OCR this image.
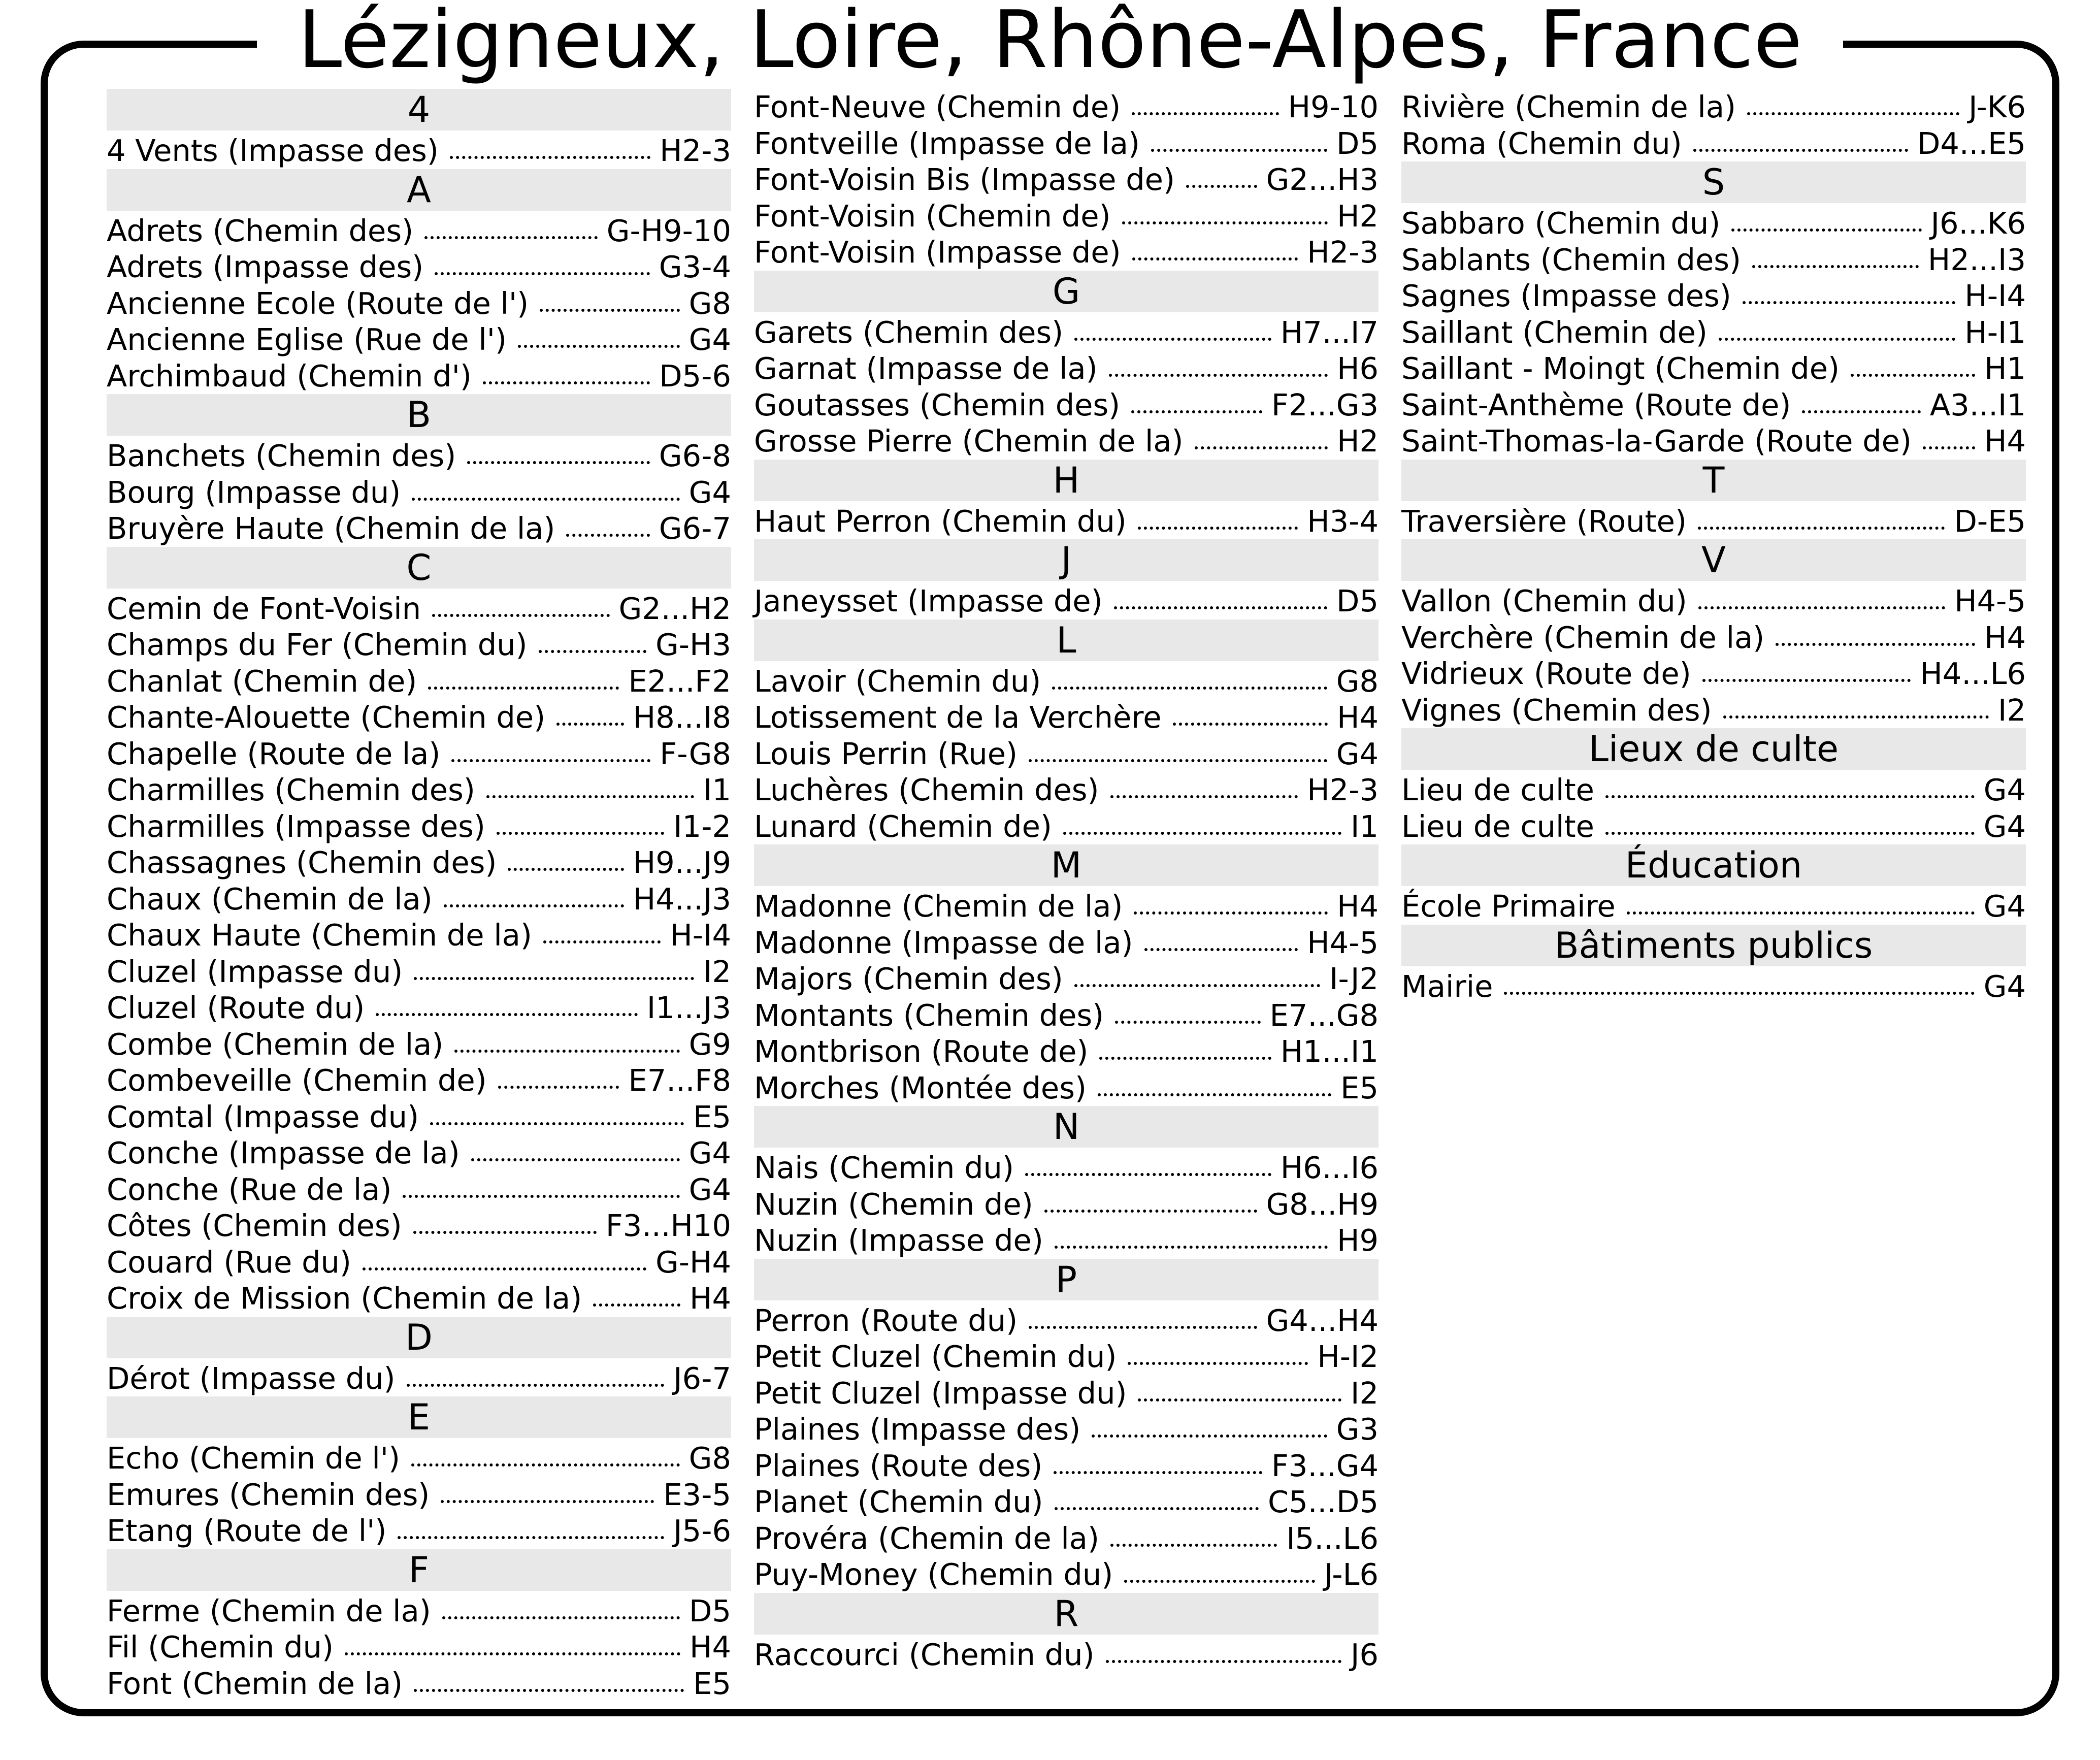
Lézigneux, Loire, Rhône-Alpes, France
4
4 Vents (Impasse des)	H2-3
A
Adrets (Chemin des)	G-H9-10
Adrets (Impasse des)	G3-4
Ancienne Ecole (Route de l')	G8
Ancienne Eglise (Rue de l')	G4
Archimbaud (Chemin d')	D5-6
B
Banchets (Chemin des)	G6-8
Bourg (Impasse du)	G4
Bruyère Haute (Chemin de la)	G6-7
C
Cemin de Font-Voisin	G2...H2
Champs du Fer (Chemin du)	G-H3
Chanlat (Chemin de)	E2...F2
Chante-Alouette (Chemin de)	H8...I8
Chapelle (Route de la)	F-G8
Charmilles (Chemin des)	I1
Charmilles (Impasse des)	I1-2
Chassagnes (Chemin des)	H9...J9
Chaux (Chemin de la)	H4...J3
Chaux Haute (Chemin de la)	H-I4
Cluzel (Impasse du)	I2
Cluzel (Route du)	I1...J3
Combe (Chemin de la)	G9
Combeveille (Chemin de)	E7...F8
Comtal (Impasse du)	E5
Conche (Impasse de la)	G4
Conche (Rue de la)	G4
Côtes (Chemin des)	F3...H10
Couard (Rue du)	G-H4
Croix de Mission (Chemin de la)	H4
D
Dérot (Impasse du)	J6-7
E
Echo (Chemin de l')	G8
Emures (Chemin des)	E3-5
Etang (Route de l')	J5-6
F
Ferme (Chemin de la)	D5
Fil (Chemin du)	H4
Font (Chemin de la)	E5
Font-Neuve (Chemin de)	H9-10
Fontveille (Impasse de la)	D5
Font-Voisin Bis (Impasse de)	G2...H3
Font-Voisin (Chemin de)	H2
Font-Voisin (Impasse de)	H2-3
G
Garets (Chemin des)	H7...I7
Garnat (Impasse de la)	H6
Goutasses (Chemin des)	F2...G3
Grosse Pierre (Chemin de la)	H2
H
Haut Perron (Chemin du)	H3-4
J
Janeysset (Impasse de)	D5
L
Lavoir (Chemin du)	G8
Lotissement de la Verchère	H4
Louis Perrin (Rue)	G4
Luchères (Chemin des)	H2-3
Lunard (Chemin de)	I1
M
Madonne (Chemin de la)	H4
Madonne (Impasse de la)	H4-5
Majors (Chemin des)	I-J2
Montants (Chemin des)	E7...G8
Montbrison (Route de)	H1...I1
Morches (Montée des)	E5
N
Nais (Chemin du)	H6...I6
Nuzin (Chemin de)	G8...H9
Nuzin (Impasse de)	H9
P
Perron (Route du)	G4...H4
Petit Cluzel (Chemin du)	H-I2
Petit Cluzel (Impasse du)	I2
Plaines (Impasse des)	G3
Plaines (Route des)	F3...G4
Planet (Chemin du)	C5...D5
Provéra (Chemin de la)	I5...L6
Puy-Money (Chemin du)	J-L6
R
Raccourci (Chemin du)	J6
Rivière (Chemin de la)	J-K6
Roma (Chemin du)	D4...E5
S
Sabbaro (Chemin du)	J6...K6
Sablants (Chemin des)	H2...I3
Sagnes (Impasse des)	H-I4
Saillant (Chemin de)	H-I1
Saillant - Moingt (Chemin de)	H1
Saint-Anthème (Route de)	A3...I1
Saint-Thomas-la-Garde (Route de) H4
T
Traversière (Route)	D-E5
V
Vallon (Chemin du)	H4-5
Verchère (Chemin de la)	H4
Vidrieux (Route de)	H4...L6
Vignes (Chemin des)	I2
Lieux de culte
Lieu de culte	G4
Lieu de culte	G4
Éducation
École Primaire	G4
Bâtiments publics
Mairie	G4
